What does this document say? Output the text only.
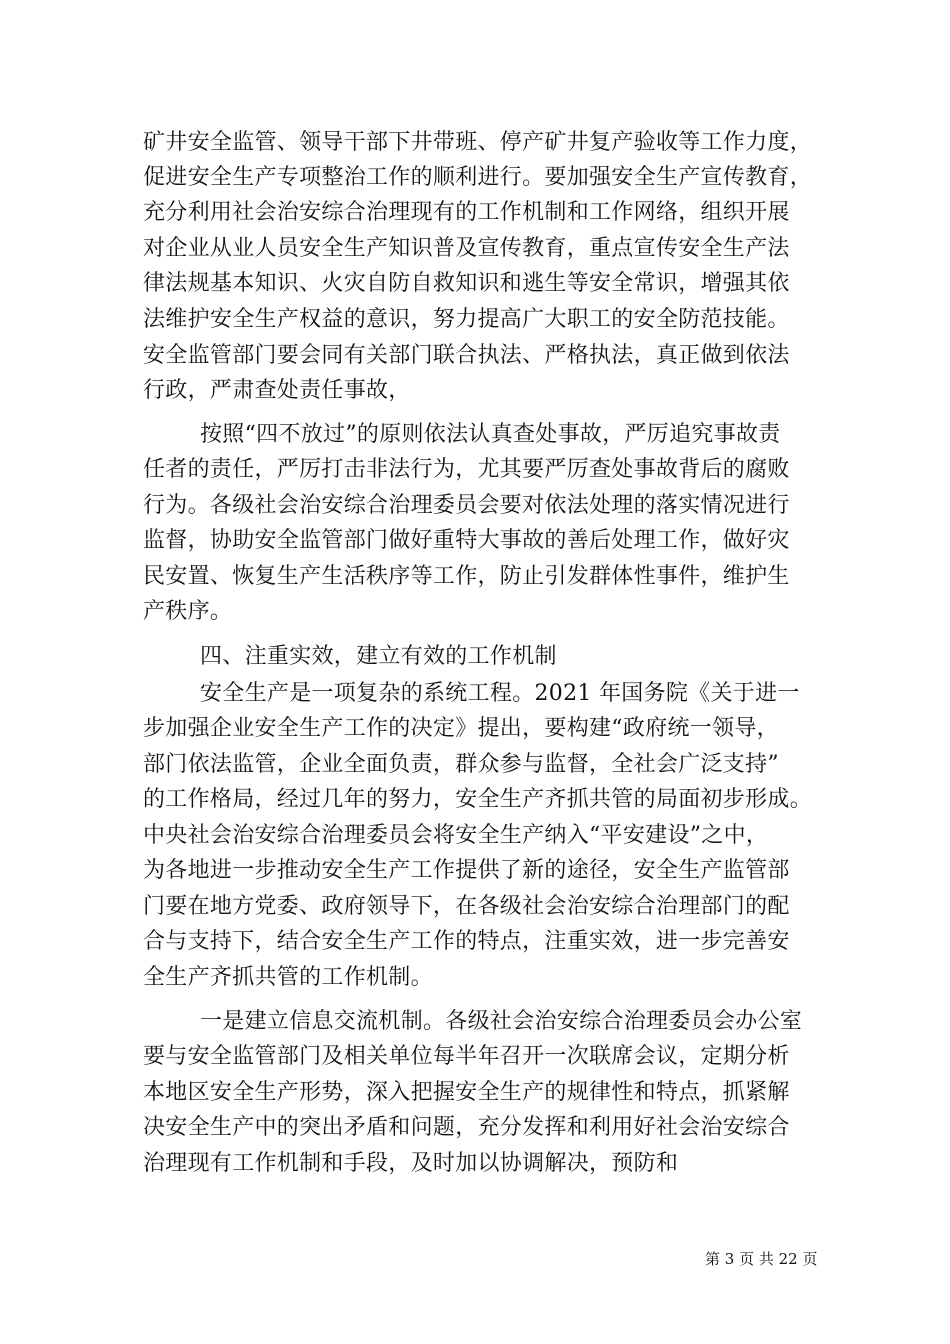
矿井安全监管、领导干部下井带班、停产矿井复产验收等工作力度，
促进安全生产专项整治工作的顺利进行。要加强安全生产宣传教育，
充分利用社会治安综合治理现有的工作机制和工作网络，组织开展
对企业从业人员安全生产知识普及宣传教育，重点宣传安全生产法
律法规基本知识、火灾自防自救知识和逃生等安全常识，增强其依
法维护安全生产权益的意识，努力提高广大职工的安全防范技能。
安全监管部门要会同有关部门联合执法、严格执法，真正做到依法
行政，严肃查处责任事故，
按照“四不放过”的原则依法认真查处事故，严厉追究事故责
任者的责任，严厉打击非法行为，尤其要严厉查处事故背后的腐败
行为。各级社会治安综合治理委员会要对依法处理的落实情况进行
监督，协助安全监管部门做好重特大事故的善后处理工作，做好灾
民安置、恢复生产生活秩序等工作，防止引发群体性事件，维护生
产秩序。
四、注重实效，建立有效的工作机制
安全生产是一项复杂的系统工程。2021 年国务院《关于进一
步加强企业安全生产工作的决定》提出，要构建“政府统一领导，
部门依法监管，企业全面负责，群众参与监督，全社会广泛支持”
的工作格局，经过几年的努力，安全生产齐抓共管的局面初步形成。
中央社会治安综合治理委员会将安全生产纳入“平安建设”之中，
为各地进一步推动安全生产工作提供了新的途径，安全生产监管部
门要在地方党委、政府领导下，在各级社会治安综合治理部门的配
合与支持下，结合安全生产工作的特点，注重实效，进一步完善安
全生产齐抓共管的工作机制。
一是建立信息交流机制。各级社会治安综合治理委员会办公室
要与安全监管部门及相关单位每半年召开一次联席会议，定期分析
本地区安全生产形势，深入把握安全生产的规律性和特点，抓紧解
决安全生产中的突出矛盾和问题，充分发挥和利用好社会治安综合
治理现有工作机制和手段，及时加以协调解决，预防和
第 3 页 共 22 页
